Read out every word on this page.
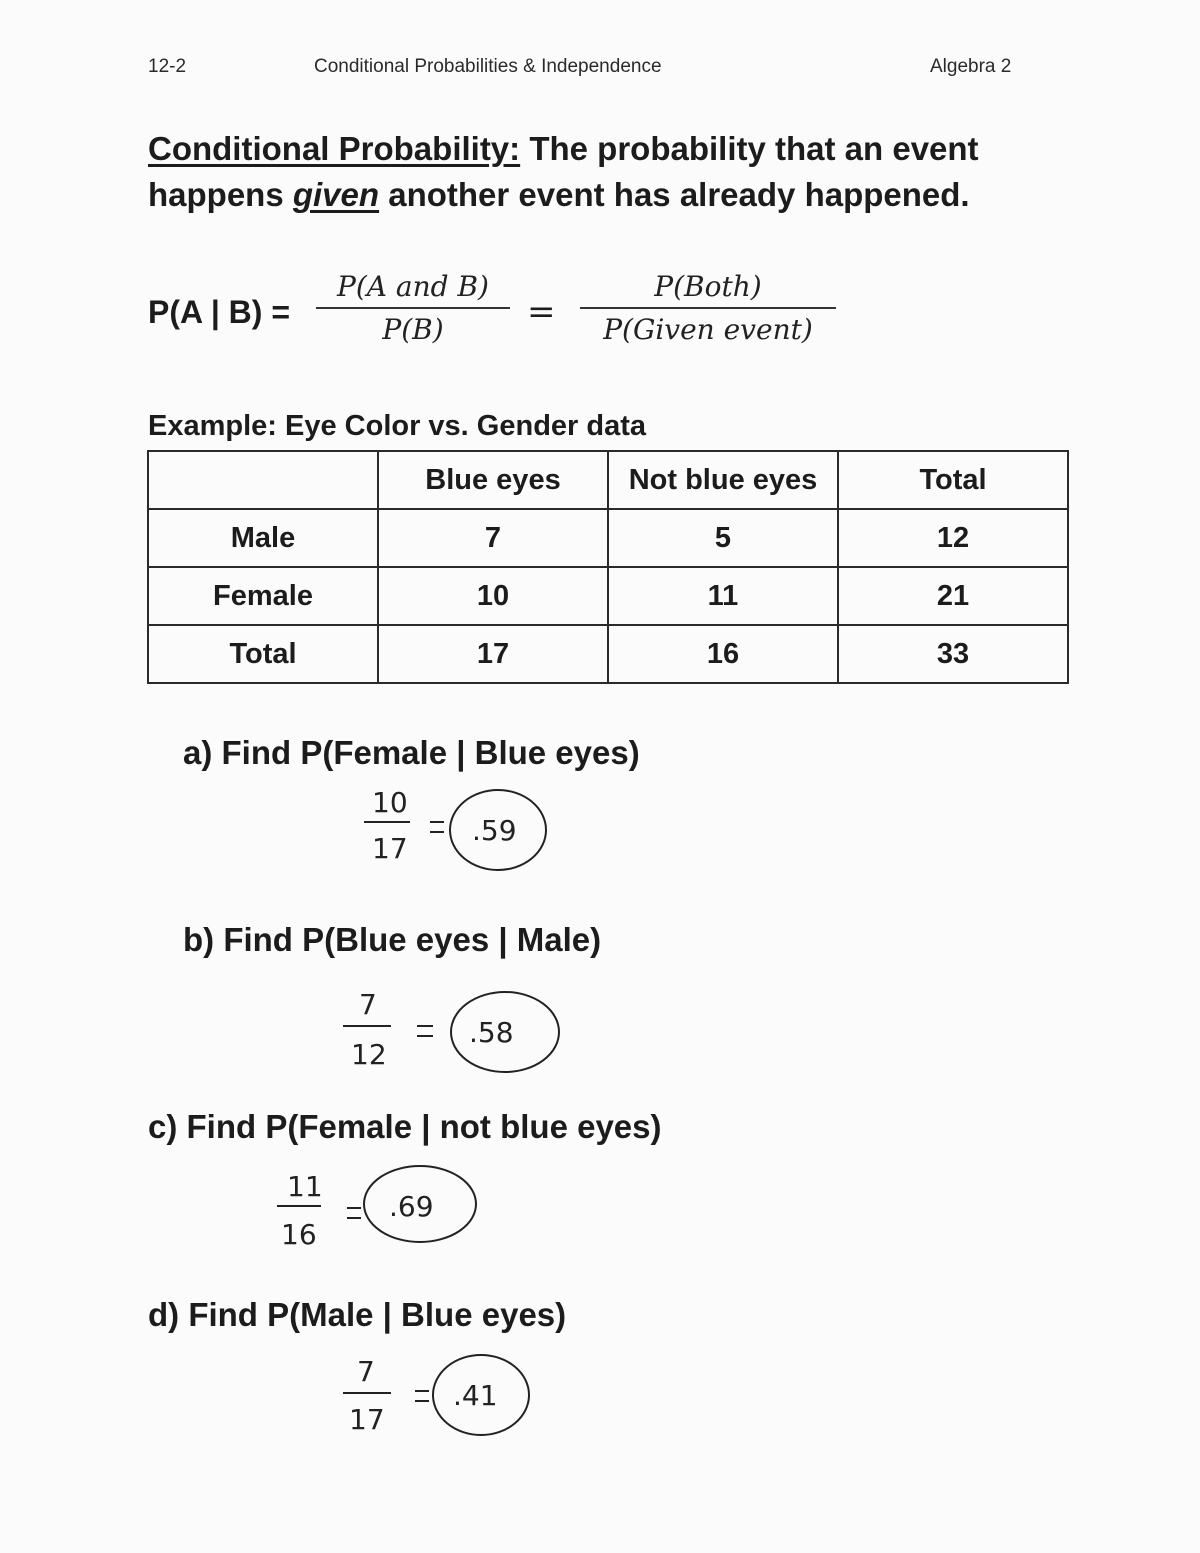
12-2	Conditional Probabilities & Independence	Algebra 2
Conditional Probability: The probability that an event happens given another event has already happened.
P(A | B) =
P(A and B)
P(B)	=
P(Both)
P(Given event)
Example: Eye Color vs. Gender data
	Blue eyes	Not blue eyes	Total
Male	7	5	12
Female	10	11	21
Total	17	16	33
a) Find P(Female | Blue eyes)
10
17
.59
b) Find P(Blue eyes | Male)
7
12
.58
c) Find P(Female | not blue eyes)
11
16
.69
d) Find P(Male | Blue eyes)
7
17
.41
